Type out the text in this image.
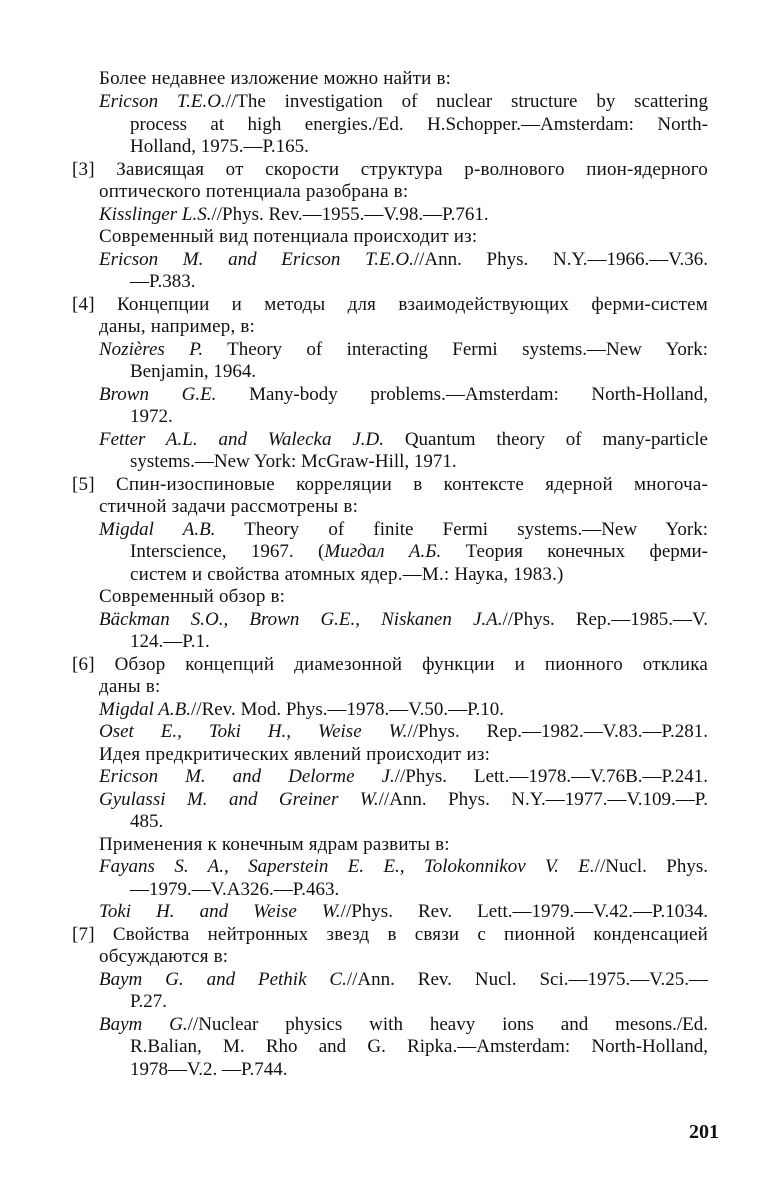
Более недавнее изложение можно найти в:
Ericson T.E.O.//The investigation of nuclear structure by scattering
process at high energies./Ed. H.Schopper.—Amsterdam: North-
Holland, 1975.—P.165.
[3] Зависящая от скорости структура p-волнового пион-ядерного
оптического потенциала разобрана в:
Kisslinger L.S.//Phys. Rev.—1955.—V.98.—P.761.
Современный вид потенциала происходит из:
Ericson M. and Ericson T.E.O.//Ann. Phys. N.Y.—1966.—V.36.
—P.383.
[4] Концепции и методы для взаимодействующих ферми-систем
даны, например, в:
Nozières P. Theory of interacting Fermi systems.—New York:
Benjamin, 1964.
Brown G.E. Many-body problems.—Amsterdam: North-Holland,
1972.
Fetter A.L. and Walecka J.D. Quantum theory of many-particle
systems.—New York: McGraw-Hill, 1971.
[5] Спин-изоспиновые корреляции в контексте ядерной многоча-
стичной задачи рассмотрены в:
Migdal A.B. Theory of finite Fermi systems.—New York:
Interscience, 1967. (Мигдал А.Б. Теория конечных ферми-
систем и свойства атомных ядер.—М.: Наука, 1983.)
Современный обзор в:
Bäckman S.O., Brown G.E., Niskanen J.A.//Phys. Rep.—1985.—V.
124.—P.1.
[6] Обзор концепций диамезонной функции и пионного отклика
даны в:
Migdal A.B.//Rev. Mod. Phys.—1978.—V.50.—P.10.
Oset E., Toki H., Weise W.//Phys. Rep.—1982.—V.83.—P.281.
Идея предкритических явлений происходит из:
Ericson M. and Delorme J.//Phys. Lett.—1978.—V.76B.—P.241.
Gyulassi M. and Greiner W.//Ann. Phys. N.Y.—1977.—V.109.—P.
485.
Применения к конечным ядрам развиты в:
Fayans S. A., Saperstein E. E., Tolokonnikov V. E.//Nucl. Phys.
—1979.—V.A326.—P.463.
Toki H. and Weise W.//Phys. Rev. Lett.—1979.—V.42.—P.1034.
[7] Свойства нейтронных звезд в связи с пионной конденсацией
обсуждаются в:
Baym G. and Pethik C.//Ann. Rev. Nucl. Sci.—1975.—V.25.—
P.27.
Baym G.//Nuclear physics with heavy ions and mesons./Ed.
R.Balian, M. Rho and G. Ripka.—Amsterdam: North-Holland,
1978—V.2. —P.744.
201
